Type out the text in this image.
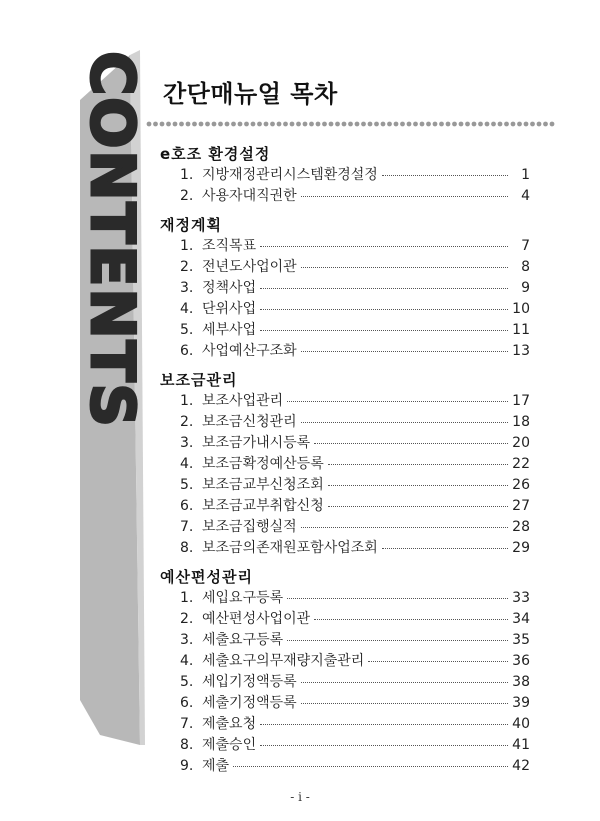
CONTENTS 간단매뉴얼 목차
e호조 환경설정
1. 지방재정관리시스템환경설정	1
2. 사용자대직권한	4
재정계획
1. 조직목표	7
2. 전년도사업이관	8
3. 정책사업	9
4. 단위사업	10
5. 세부사업	11
6. 사업예산구조화	13
보조금관리
1. 보조사업관리	17
2. 보조금신청관리	18
3. 보조금가내시등록	20
4. 보조금확정예산등록	22
5. 보조금교부신청조회	26
6. 보조금교부취합신청	27
7. 보조금집행실적	28
8. 보조금의존재원포함사업조회	29
예산편성관리
1. 세입요구등록	33
2. 예산편성사업이관	34
3. 세출요구등록	35
4. 세출요구의무재량지출관리	36
5. 세입기정액등록	38
6. 세출기정액등록	39
7. 제출요청	40
8. 제출승인	41
9. 제출	42
- i -
